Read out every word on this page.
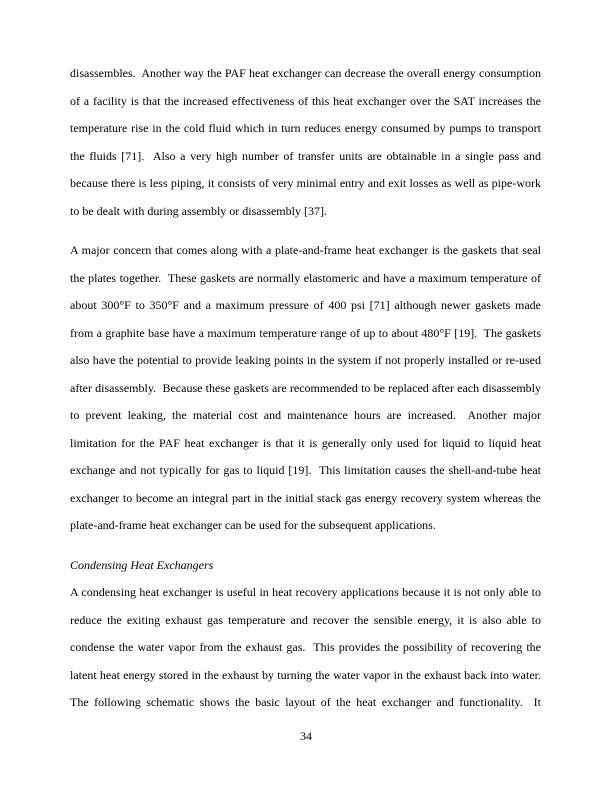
disassembles.  Another way the PAF heat exchanger can decrease the overall energy consumption of a facility is that the increased effectiveness of this heat exchanger over the SAT increases the temperature rise in the cold fluid which in turn reduces energy consumed by pumps to transport the fluids [71].  Also a very high number of transfer units are obtainable in a single pass and because there is less piping, it consists of very minimal entry and exit losses as well as pipe-work to be dealt with during assembly or disassembly [37].

A major concern that comes along with a plate-and-frame heat exchanger is the gaskets that seal the plates together.  These gaskets are normally elastomeric and have a maximum temperature of about 300°F to 350°F and a maximum pressure of 400 psi [71] although newer gaskets made from a graphite base have a maximum temperature range of up to about 480°F [19].  The gaskets also have the potential to provide leaking points in the system if not properly installed or re-used after disassembly.  Because these gaskets are recommended to be replaced after each disassembly to prevent leaking, the material cost and maintenance hours are increased.  Another major limitation for the PAF heat exchanger is that it is generally only used for liquid to liquid heat exchange and not typically for gas to liquid [19].  This limitation causes the shell-and-tube heat exchanger to become an integral part in the initial stack gas energy recovery system whereas the plate-and-frame heat exchanger can be used for the subsequent applications.

Condensing Heat Exchangers

A condensing heat exchanger is useful in heat recovery applications because it is not only able to reduce the exiting exhaust gas temperature and recover the sensible energy, it is also able to condense the water vapor from the exhaust gas.  This provides the possibility of recovering the latent heat energy stored in the exhaust by turning the water vapor in the exhaust back into water.  The following schematic shows the basic layout of the heat exchanger and functionality.  It

34
